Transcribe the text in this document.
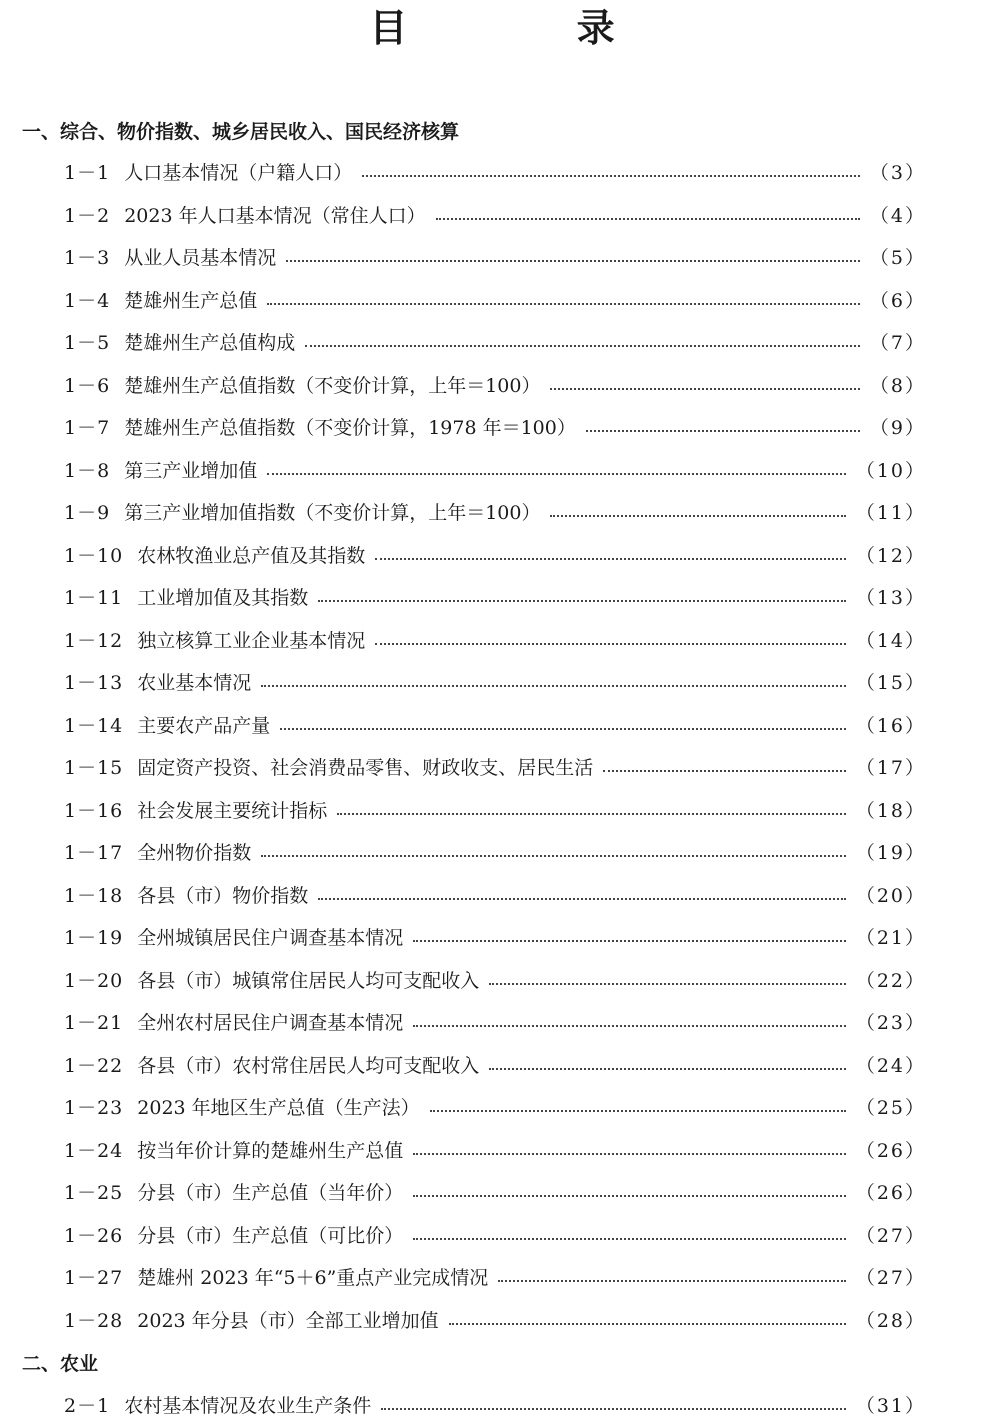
目 录
一、综合、物价指数、城乡居民收入、国民经济核算
1－1 人口基本情况（户籍人口）	（3）
1－2 2023 年人口基本情况（常住人口）	（4）
1－3 从业人员基本情况	（5）
1－4 楚雄州生产总值	（6）
1－5 楚雄州生产总值构成	（7）
1－6 楚雄州生产总值指数（不变价计算，上年＝100）	（8）
1－7 楚雄州生产总值指数（不变价计算，1978 年＝100）	（9）
1－8 第三产业增加值	（10）
1－9 第三产业增加值指数（不变价计算，上年＝100）	（11）
1－10 农林牧渔业总产值及其指数	（12）
1－11 工业增加值及其指数	（13）
1－12 独立核算工业企业基本情况	（14）
1－13 农业基本情况	（15）
1－14 主要农产品产量	（16）
1－15 固定资产投资、社会消费品零售、财政收支、居民生活	（17）
1－16 社会发展主要统计指标	（18）
1－17 全州物价指数	（19）
1－18 各县（市）物价指数	（20）
1－19 全州城镇居民住户调查基本情况	（21）
1－20 各县（市）城镇常住居民人均可支配收入	（22）
1－21 全州农村居民住户调查基本情况	（23）
1－22 各县（市）农村常住居民人均可支配收入	（24）
1－23 2023 年地区生产总值（生产法）	（25）
1－24 按当年价计算的楚雄州生产总值	（26）
1－25 分县（市）生产总值（当年价）	（26）
1－26 分县（市）生产总值（可比价）	（27）
1－27 楚雄州 2023 年“5＋6”重点产业完成情况	（27）
1－28 2023 年分县（市）全部工业增加值	（28）
二、农业
2－1 农村基本情况及农业生产条件	（31）
